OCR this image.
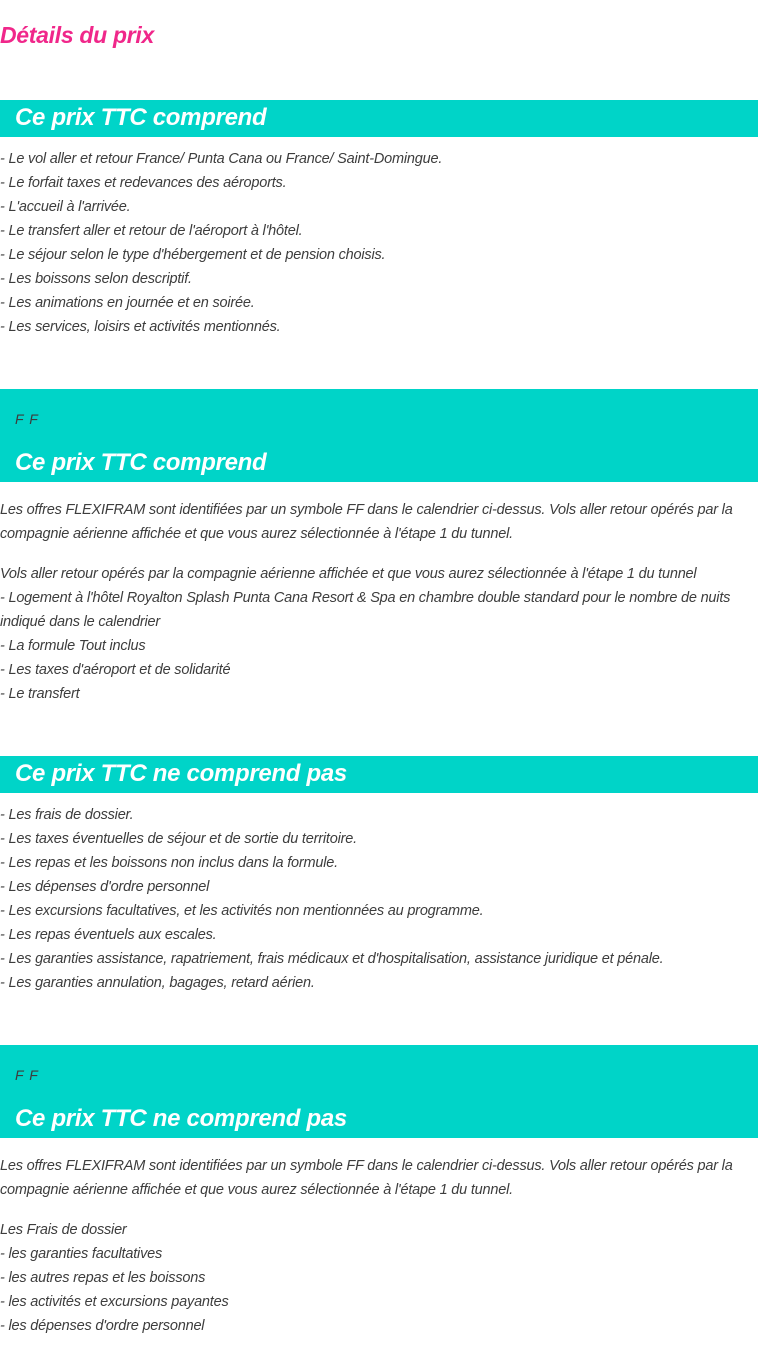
Détails du prix
Ce prix TTC comprend
- Le vol aller et retour France/ Punta Cana ou France/ Saint-Domingue.
- Le forfait taxes et redevances des aéroports.
- L'accueil à l'arrivée.
- Le transfert aller et retour de l'aéroport à l'hôtel.
- Le séjour selon le type d'hébergement et de pension choisis.
- Les boissons selon descriptif.
- Les animations en journée et en soirée.
- Les services, loisirs et activités mentionnés.
F F
Ce prix TTC comprend

Les offres FLEXIFRAM sont identifiées par un symbole FF dans le calendrier ci-dessus. Vols aller retour opérés par la compagnie aérienne affichée et que vous aurez sélectionnée à l'étape 1 du tunnel.

Vols aller retour opérés par la compagnie aérienne affichée et que vous aurez sélectionnée à l'étape 1 du tunnel
- Logement à l'hôtel Royalton Splash Punta Cana Resort & Spa en chambre double standard pour le nombre de nuits indiqué dans le calendrier
- La formule Tout inclus
- Les taxes d'aéroport et de solidarité
- Le transfert
Ce prix TTC ne comprend pas
- Les frais de dossier.
- Les taxes éventuelles de séjour et de sortie du territoire.
- Les repas et les boissons non inclus dans la formule.
- Les dépenses d'ordre personnel
- Les excursions facultatives, et les activités non mentionnées au programme.
- Les repas éventuels aux escales.
- Les garanties assistance, rapatriement, frais médicaux et d'hospitalisation, assistance juridique et pénale.
- Les garanties annulation, bagages, retard aérien.
F F
Ce prix TTC ne comprend pas

Les offres FLEXIFRAM sont identifiées par un symbole FF dans le calendrier ci-dessus. Vols aller retour opérés par la compagnie aérienne affichée et que vous aurez sélectionnée à l'étape 1 du tunnel.

Les Frais de dossier
- les garanties facultatives
- les autres repas et les boissons
- les activités et excursions payantes
- les dépenses d'ordre personnel
